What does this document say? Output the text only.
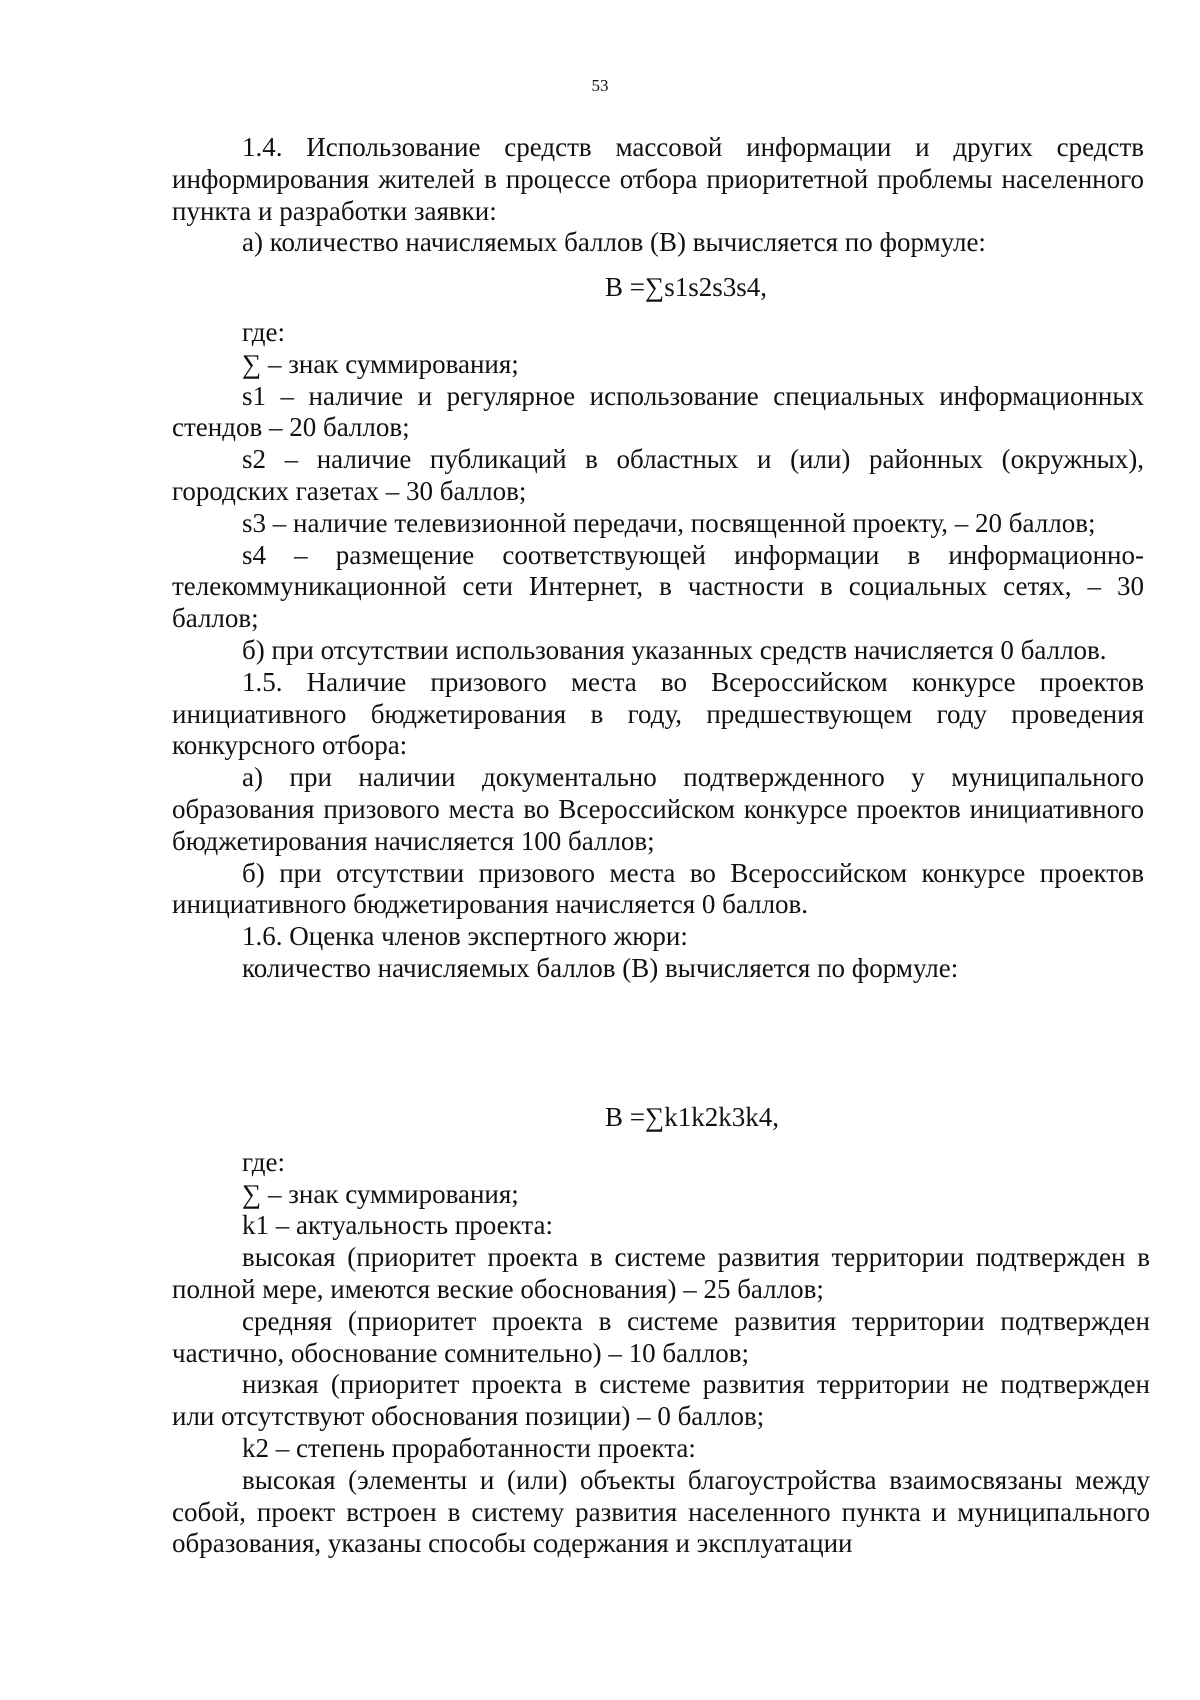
53

1.4. Использование средств массовой информации и других средств информирования жителей в процессе отбора приоритетной проблемы населенного пункта и разработки заявки:

а) количество начисляемых баллов (В) вычисляется по формуле:

В =∑s1s2s3s4,

где:

∑ – знак суммирования;

s1 – наличие и регулярное использование специальных информационных стендов – 20 баллов;

s2 – наличие публикаций в областных и (или) районных (окружных), городских газетах – 30 баллов;

s3 – наличие телевизионной передачи, посвященной проекту, – 20 баллов;

s4 – размещение соответствующей информации в информационно-телекоммуникационной сети Интернет, в частности в социальных сетях, – 30 баллов;

б) при отсутствии использования указанных средств начисляется 0 баллов.

1.5. Наличие призового места во Всероссийском конкурсе проектов инициативного бюджетирования в году, предшествующем году проведения конкурсного отбора:

а) при наличии документально подтвержденного у муниципального образования призового места во Всероссийском конкурсе проектов инициативного бюджетирования начисляется 100 баллов;

б) при отсутствии призового места во Всероссийском конкурсе проектов инициативного бюджетирования начисляется 0 баллов.

1.6. Оценка членов экспертного жюри:

количество начисляемых баллов (В) вычисляется по формуле:

В =∑k1k2k3k4,

где:

∑ – знак суммирования;

k1 – актуальность проекта:

высокая (приоритет проекта в системе развития территории подтвержден в полной мере, имеются веские обоснования) – 25 баллов;

средняя (приоритет проекта в системе развития территории подтвержден частично, обоснование сомнительно) – 10 баллов;

низкая (приоритет проекта в системе развития территории не подтвержден или отсутствуют обоснования позиции) – 0 баллов;

k2 – степень проработанности проекта:

высокая (элементы и (или) объекты благоустройства взаимосвязаны между собой, проект встроен в систему развития населенного пункта и муниципального образования, указаны способы содержания и эксплуатации
